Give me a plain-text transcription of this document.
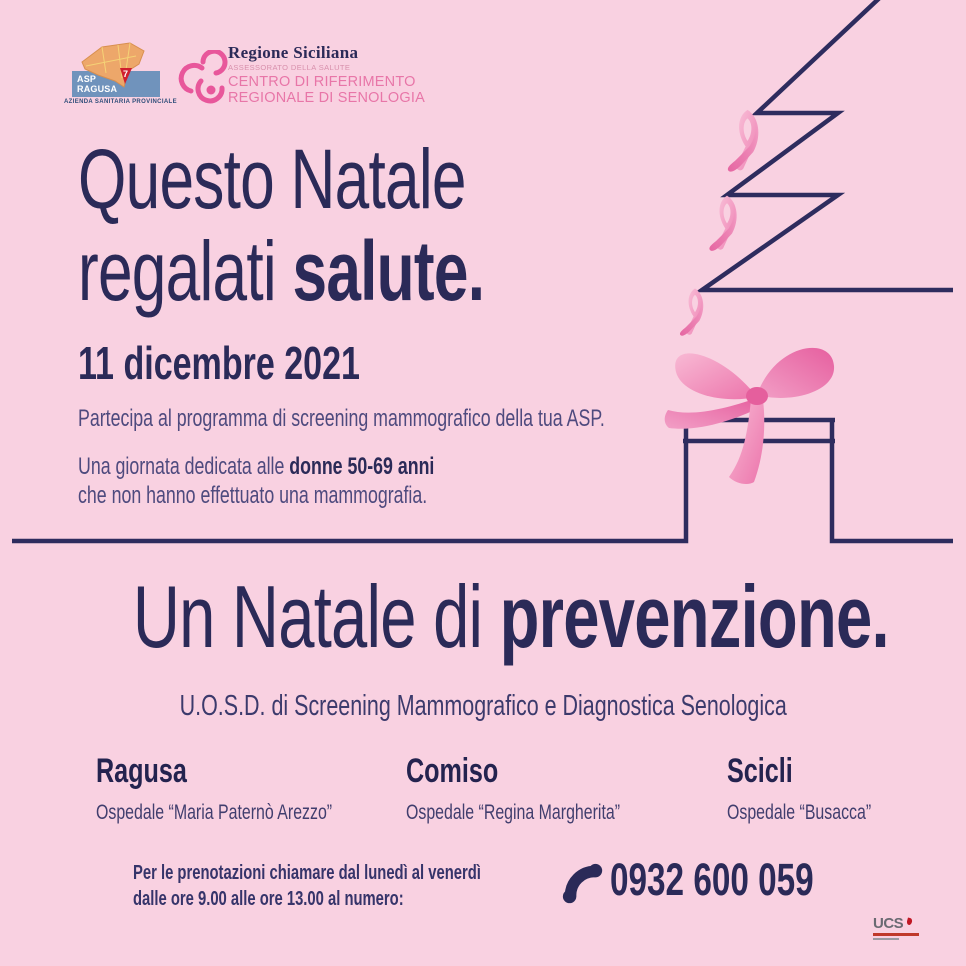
ASP
RAGUSA
7
AZIENDA SANITARIA PROVINCIALE
Regione Siciliana
ASSESSORATO DELLA SALUTE
CENTRO DI RIFERIMENTO
REGIONALE DI SENOLOGIA
Questo Natale
regalati salute.
11 dicembre 2021
Partecipa al programma di screening mammografico della tua ASP.
Una giornata dedicata alle donne 50-69 anni
che non hanno effettuato una mammografia.
Un Natale di prevenzione.
U.O.S.D. di Screening Mammografico e Diagnostica Senologica
Ragusa
Ospedale “Maria Paternò Arezzo”
Comiso
Ospedale “Regina Margherita”
Scicli
Ospedale “Busacca”
Per le prenotazioni chiamare dal lunedì al venerdì
dalle ore 9.00 alle ore 13.00 al numero:	0932 600 059
UCS
